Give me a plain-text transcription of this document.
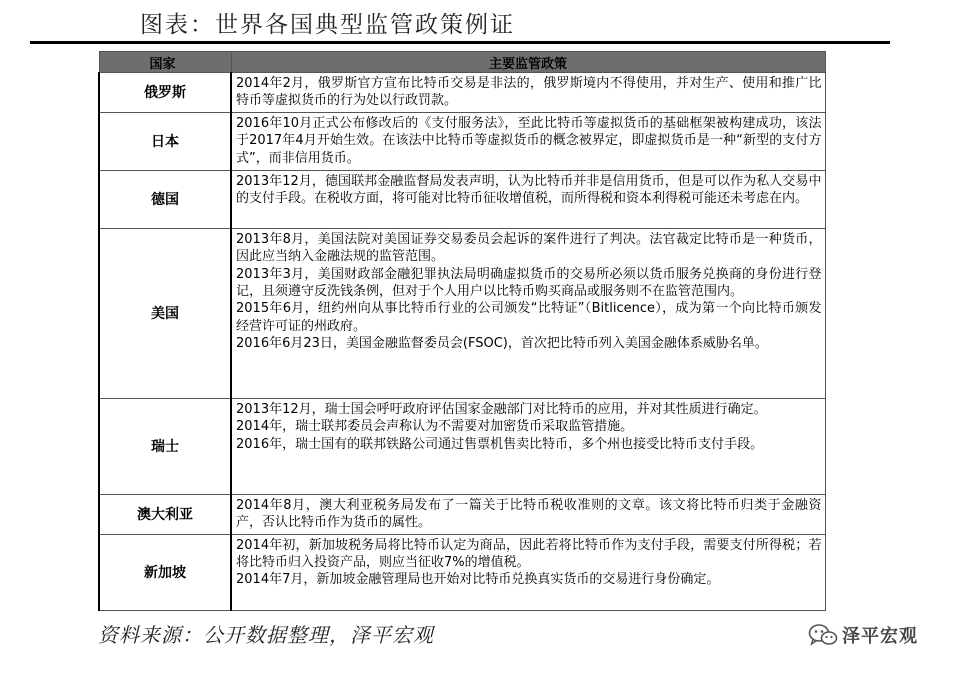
图表：世界各国典型监管政策例证
国家	主要监管政策
俄罗斯	2014年2月，俄罗斯官方宣布比特币交易是非法的，俄罗斯境内不得使用，并对生产、使用和推广比特币等虚拟货币的行为处以行政罚款。

日本	2016年10月正式公布修改后的《支付服务法》，至此比特币等虚拟货币的基础框架被构建成功，该法于2017年4月开始生效。在该法中比特币等虚拟货币的概念被界定，即虚拟货币是一种“新型的支付方式”，而非信用货币。

德国	2013年12月，德国联邦金融监督局发表声明，认为比特币并非是信用货币，但是可以作为私人交易中的支付手段。在税收方面，将可能对比特币征收增值税，而所得税和资本利得税可能还未考虑在内。

美国	2013年8月，美国法院对美国证券交易委员会起诉的案件进行了判决。法官裁定比特币是一种货币，因此应当纳入金融法规的监管范围。
2013年3月，美国财政部金融犯罪执法局明确虚拟货币的交易所必须以货币服务兑换商的身份进行登记，且须遵守反洗钱条例，但对于个人用户以比特币购买商品或服务则不在监管范围内。
2015年6月，纽约州向从事比特币行业的公司颁发“比特证”（Bitlicence），成为第一个向比特币颁发经营许可证的州政府。
2016年6月23日，美国金融监督委员会(FSOC)，首次把比特币列入美国金融体系威胁名单。

瑞士	2013年12月，瑞士国会呼吁政府评估国家金融部门对比特币的应用，并对其性质进行确定。
2014年，瑞士联邦委员会声称认为不需要对加密货币采取监管措施。
2016年，瑞士国有的联邦铁路公司通过售票机售卖比特币，多个州也接受比特币支付手段。

澳大利亚	2014年8月，澳大利亚税务局发布了一篇关于比特币税收准则的文章。该文将比特币归类于金融资产，否认比特币作为货币的属性。

新加坡	2014年初，新加坡税务局将比特币认定为商品，因此若将比特币作为支付手段，需要支付所得税；若将比特币归入投资产品，则应当征收7%的增值税。
2014年7月，新加坡金融管理局也开始对比特币兑换真实货币的交易进行身份确定。
资料来源：公开数据整理，泽平宏观	泽平宏观
